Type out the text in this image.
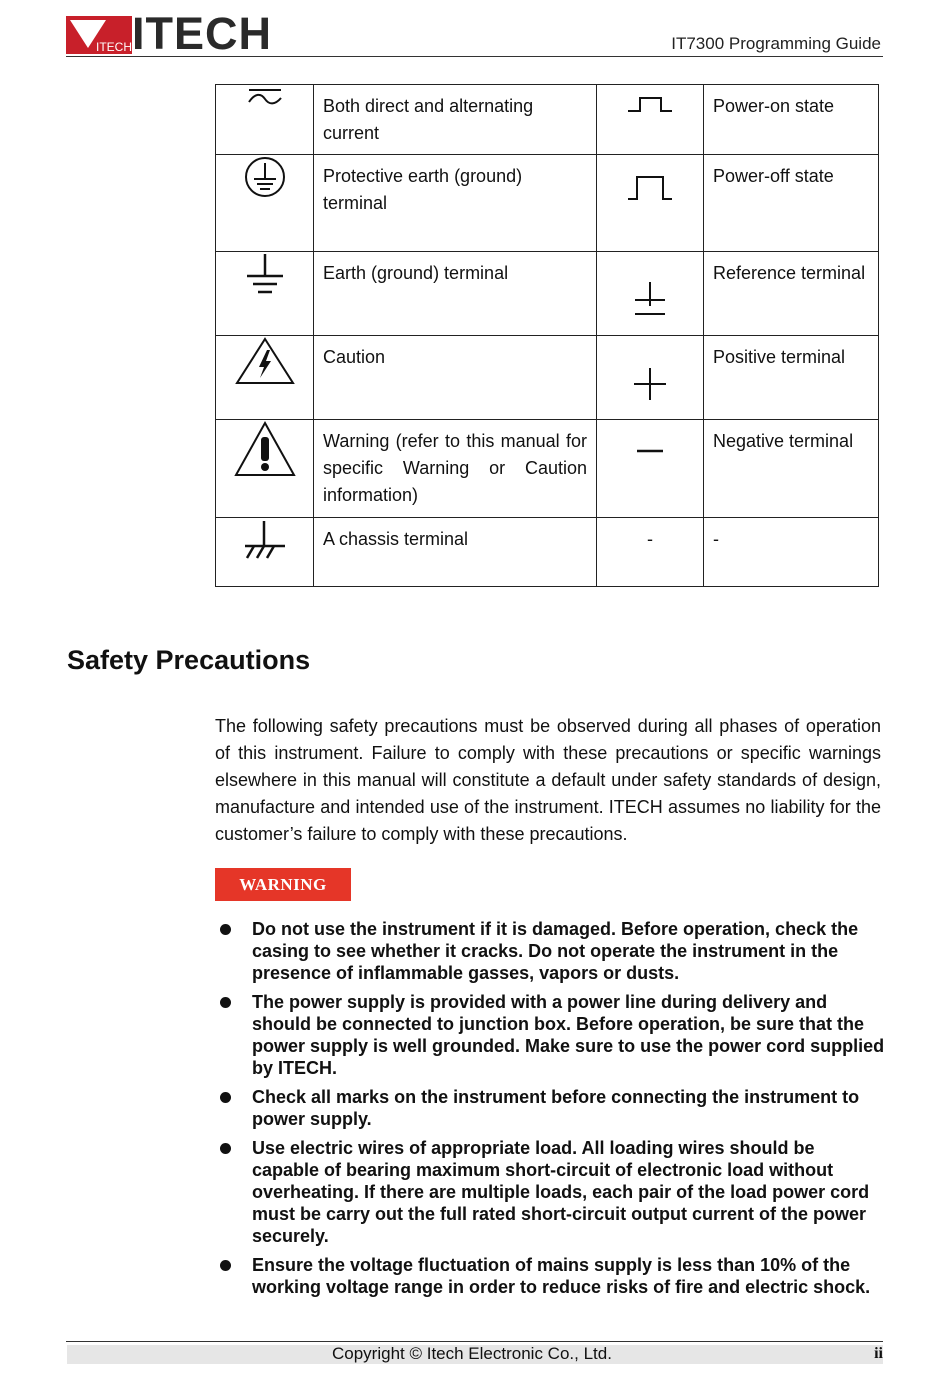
ITECH ITECH	IT7300 Programming Guide
	Both direct and alternating current		Power-on state
	Protective earth (ground) terminal		Power-off state
	Earth (ground) terminal		Reference terminal
	Caution		Positive terminal
	Warning (refer to this manual for specific Warning or Caution information)		Negative terminal
	A chassis terminal	-	-
Safety Precautions

The following safety precautions must be observed during all phases of operation of this instrument. Failure to comply with these precautions or specific warnings elsewhere in this manual will constitute a default under safety standards of design, manufacture and intended use of the instrument. ITECH assumes no liability for the customer’s failure to comply with these precautions.

WARNING
Do not use the instrument if it is damaged. Before operation, check the casing to see whether it cracks. Do not operate the instrument in the presence of inflammable gasses, vapors or dusts.
The power supply is provided with a power line during delivery and should be connected to junction box. Before operation, be sure that the power supply is well grounded. Make sure to use the power cord supplied by ITECH.
Check all marks on the instrument before connecting the instrument to power supply.
Use electric wires of appropriate load. All loading wires should be capable of bearing maximum short-circuit of electronic load without overheating. If there are multiple loads, each pair of the load power cord must be carry out the full rated short-circuit output current of the power securely.
Ensure the voltage fluctuation of mains supply is less than 10% of the working voltage range in order to reduce risks of fire and electric shock.
Copyright © Itech Electronic Co., Ltd.	ii
